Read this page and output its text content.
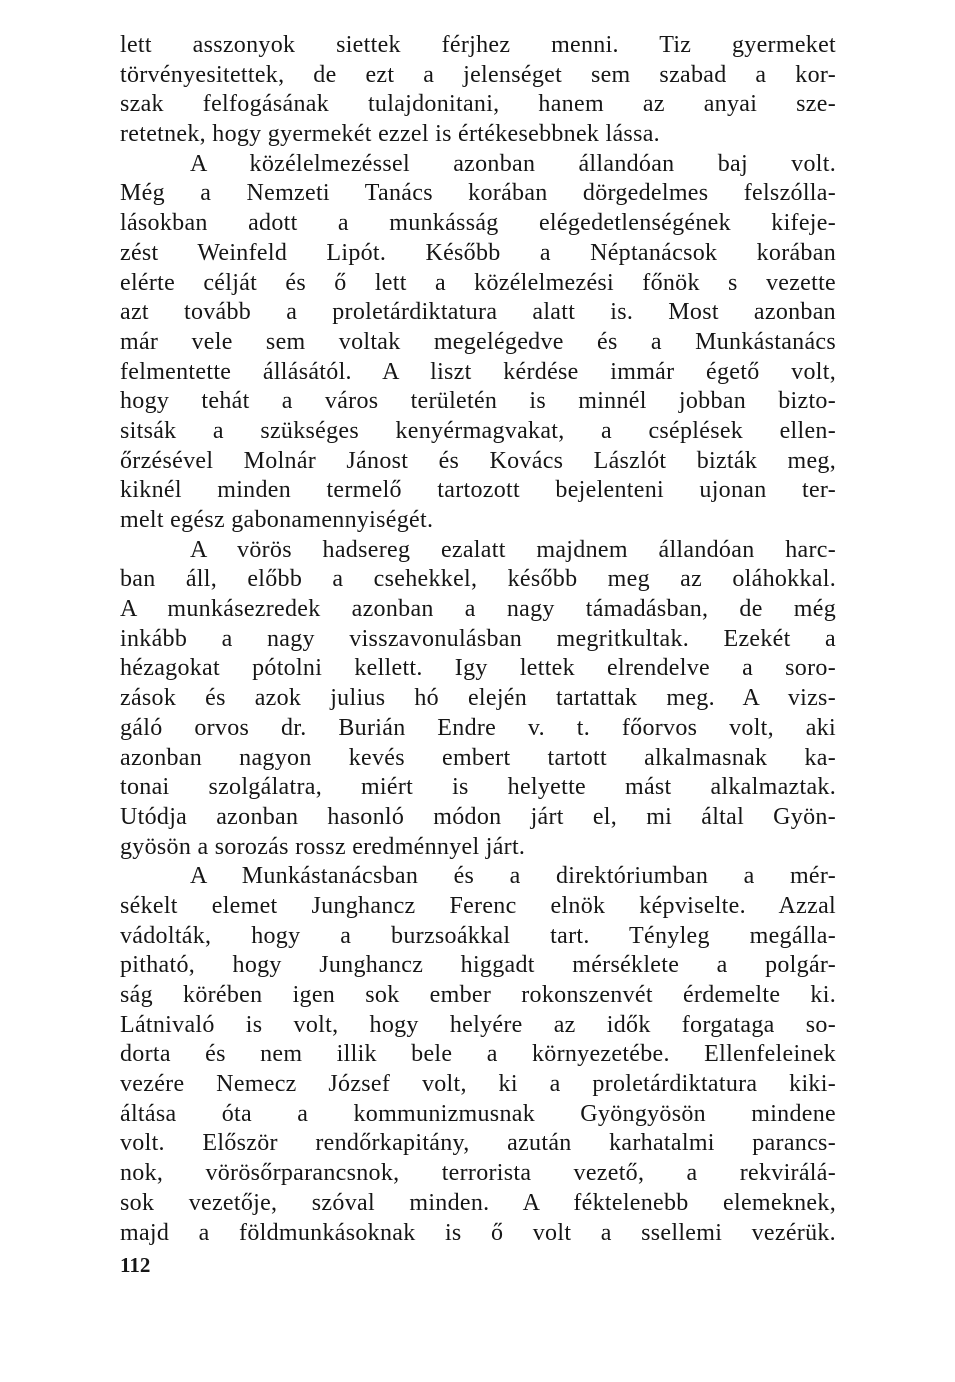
lett asszonyok siettek férjhez menni. Tiz gyermeket
törvényesitettek, de ezt a jelenséget sem szabad a kor-
szak felfogásának tulajdonitani, hanem az anyai sze-
retetnek, hogy gyermekét ezzel is értékesebbnek lássa.
A közélelmezéssel azonban állandóan baj volt.
Még a Nemzeti Tanács korában dörgedelmes felszólla-
lásokban adott a munkásság elégedetlenségének kifeje-
zést Weinfeld Lipót. Később a Néptanácsok korában
elérte célját és ő lett a közélelmezési főnök s vezette
azt tovább a proletárdiktatura alatt is. Most azonban
már vele sem voltak megelégedve és a Munkástanács
felmentette állásától. A liszt kérdése immár égető volt,
hogy tehát a város területén is minnél jobban bizto-
sitsák a szükséges kenyérmagvakat, a cséplések ellen-
őrzésével Molnár Jánost és Kovács Lászlót bizták meg,
kiknél minden termelő tartozott bejelenteni ujonan ter-
melt egész gabonamennyiségét.
A vörös hadsereg ezalatt majdnem állandóan harc-
ban áll, előbb a csehekkel, később meg az oláhokkal.
A munkásezredek azonban a nagy támadásban, de még
inkább a nagy visszavonulásban megritkultak. Ezekét a
hézagokat pótolni kellett. Igy lettek elrendelve a soro-
zások és azok julius hó elején tartattak meg. A vizs-
gáló orvos dr. Burián Endre v. t. főorvos volt, aki
azonban nagyon kevés embert tartott alkalmasnak ka-
tonai szolgálatra, miért is helyette mást alkalmaztak.
Utódja azonban hasonló módon járt el, mi által Gyön-
gyösön a sorozás rossz eredménnyel járt.
A Munkástanácsban és a direktóriumban a mér-
sékelt elemet Junghancz Ferenc elnök képviselte. Azzal
vádolták, hogy a burzsoákkal tart. Tényleg megálla-
pitható, hogy Junghancz higgadt mérséklete a polgár-
ság körében igen sok ember rokonszenvét érdemelte ki.
Látnivaló is volt, hogy helyére az idők forgataga so-
dorta és nem illik bele a környezetébe. Ellenfeleinek
vezére Nemecz József volt, ki a proletárdiktatura kiki-
áltása óta a kommunizmusnak Gyöngyösön mindene
volt. Először rendőrkapitány, azután karhatalmi parancs-
nok, vörösőrparancsnok, terrorista vezető, a rekvirálá-
sok vezetője, szóval minden. A féktelenebb elemeknek,
majd a földmunkásoknak is ő volt a ssellemi vezérük.
112
